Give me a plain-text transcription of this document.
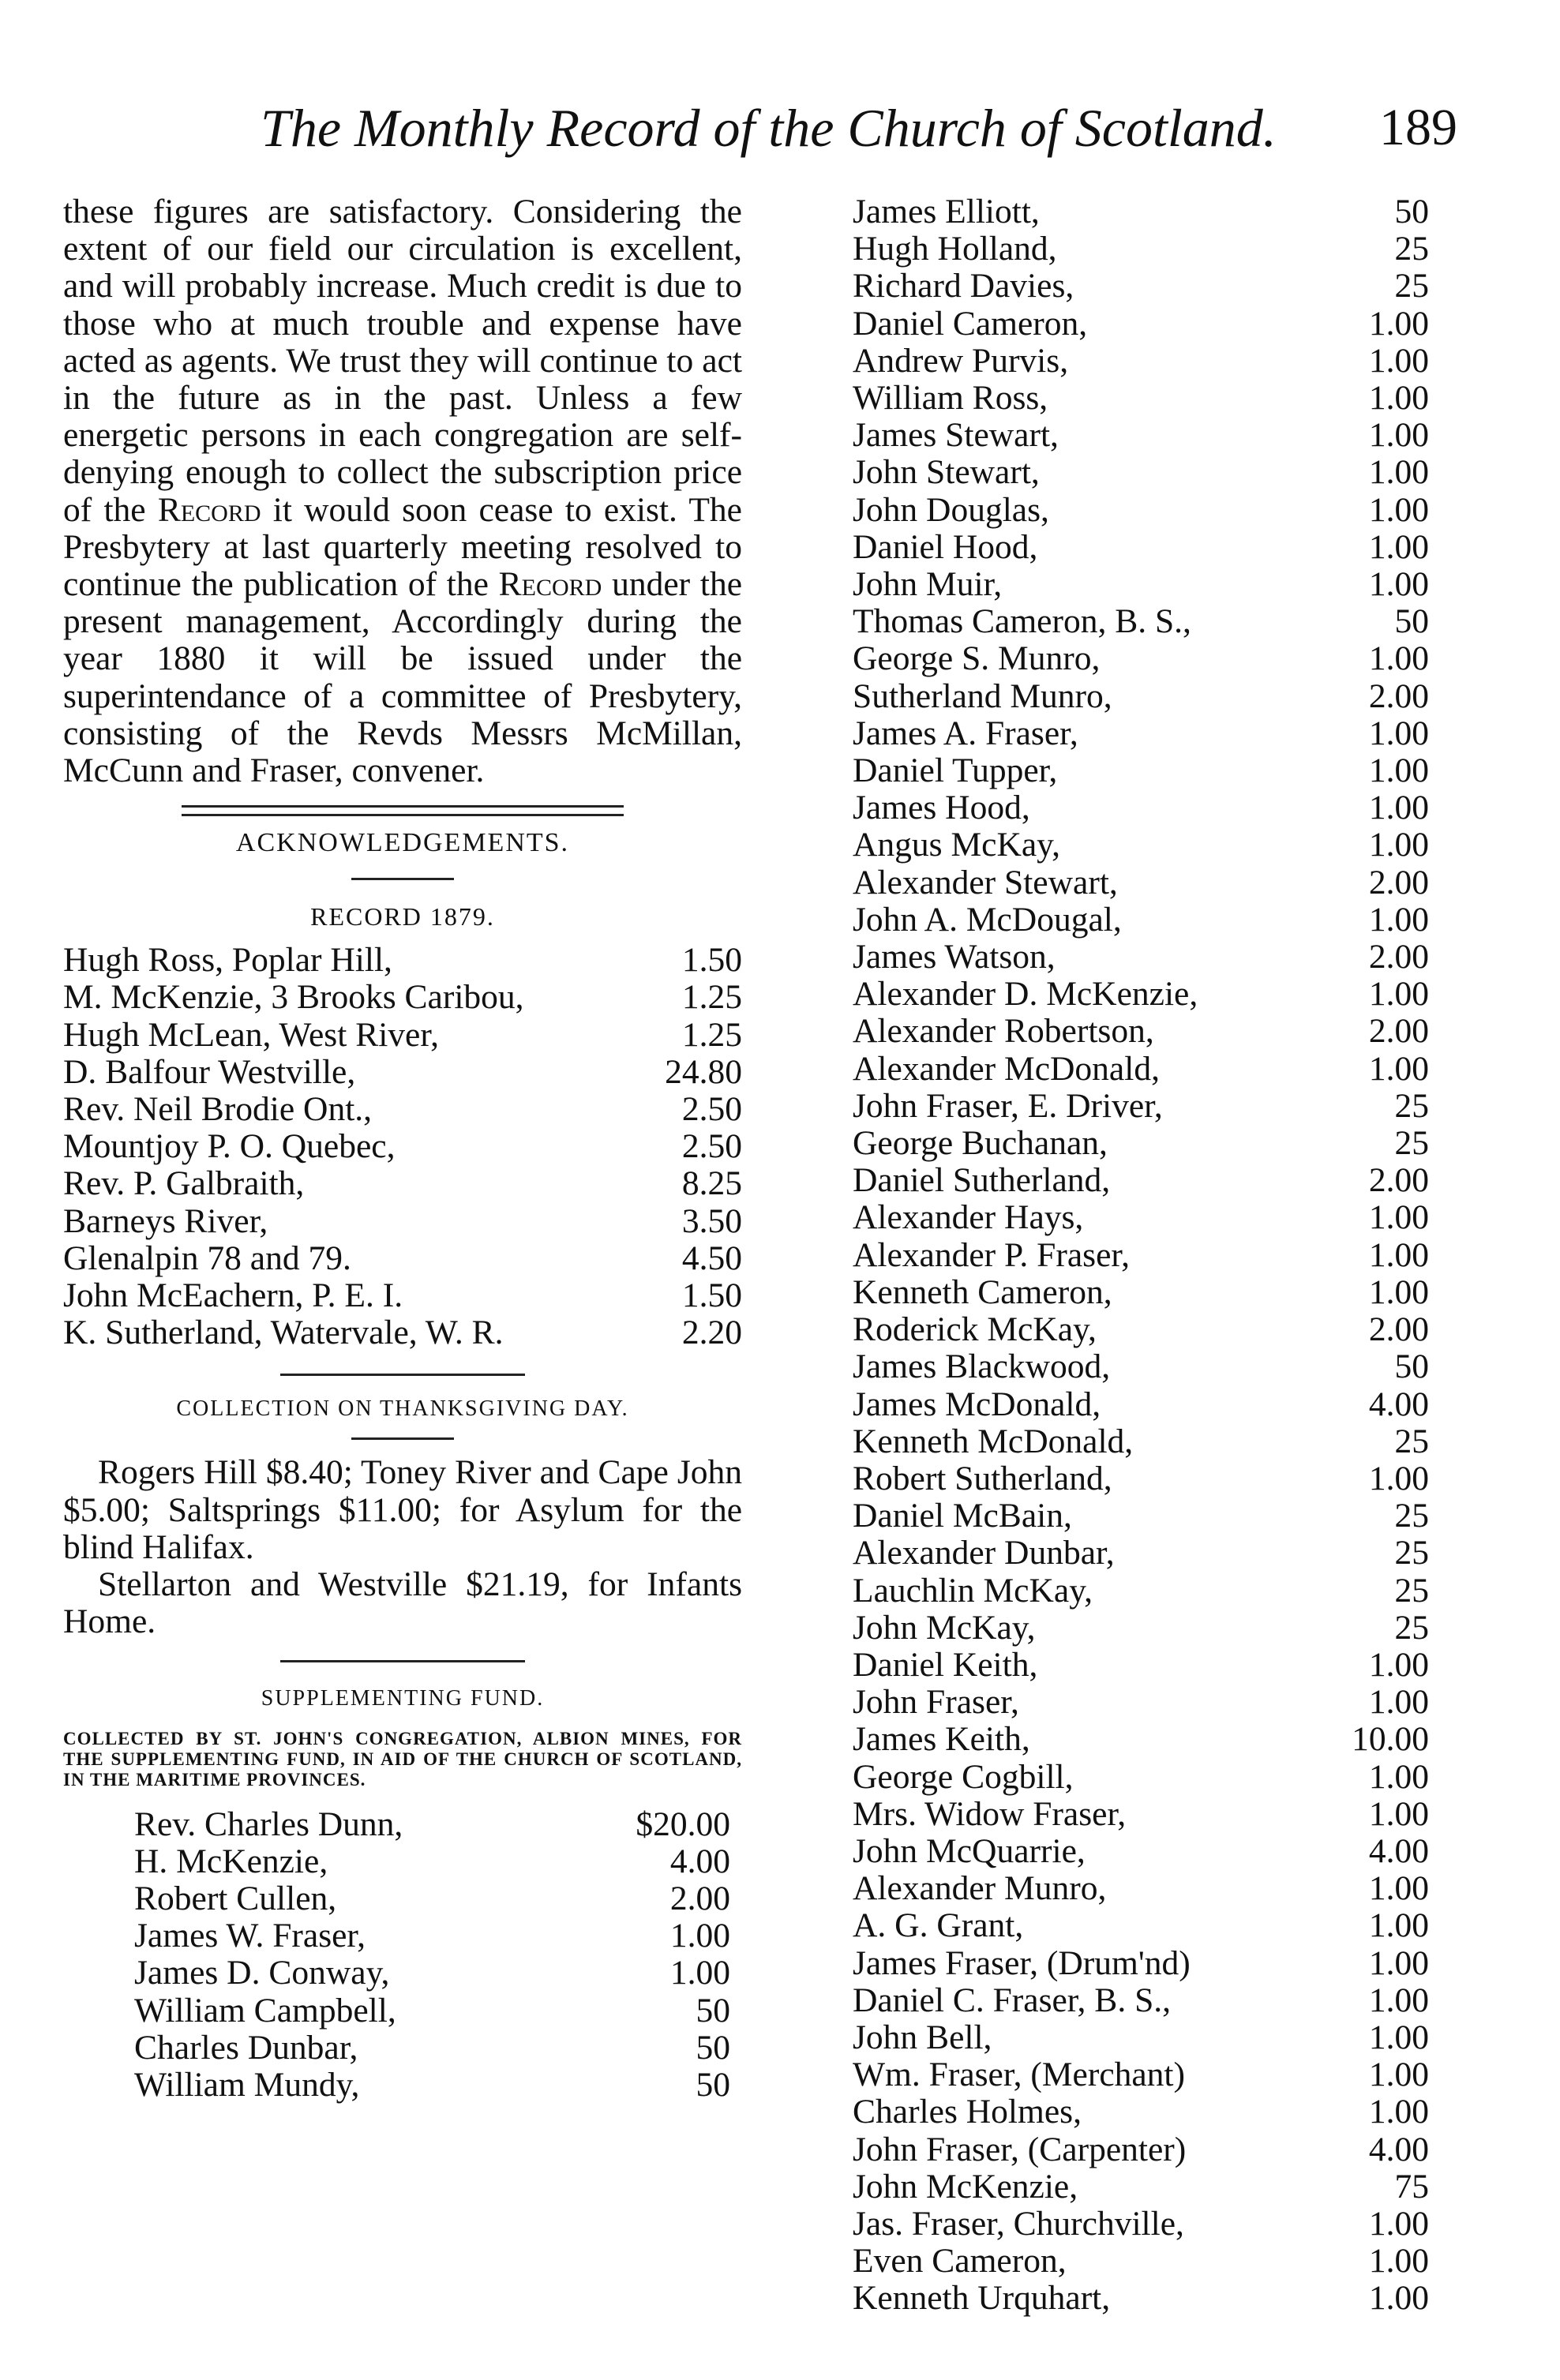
The Monthly Record of the Church of Scotland. 189

these figures are satisfactory. Considering the extent of our field our circulation is excellent, and will probably increase. Much credit is due to those who at much trouble and expense have acted as agents. We trust they will continue to act in the future as in the past. Unless a few energetic persons in each congregation are self-denying enough to collect the subscription price of the Record it would soon cease to exist. The Presbytery at last quarterly meeting resolved to continue the publication of the Record under the present management, Accordingly during the year 1880 it will be issued under the superintendance of a committee of Presbytery, consisting of the Revds Messrs McMillan, McCunn and Fraser, convener.

ACKNOWLEDGEMENTS.
RECORD 1879.
Hugh Ross, Poplar Hill,	1.50
M. McKenzie, 3 Brooks Caribou,	1.25
Hugh McLean, West River,	1.25
D. Balfour Westville,	24.80
Rev. Neil Brodie Ont.,	2.50
Mountjoy P. O. Quebec,	2.50
Rev. P. Galbraith,	8.25
Barneys River,	3.50
Glenalpin 78 and 79.	4.50
John McEachern, P. E. I.	1.50
K. Sutherland, Watervale, W. R.	2.20
COLLECTION ON THANKSGIVING DAY.

Rogers Hill $8.40; Toney River and Cape John $5.00; Saltsprings $11.00; for Asylum for the blind Halifax.

Stellarton and Westville $21.19, for Infants Home.

SUPPLEMENTING FUND.

COLLECTED BY ST. JOHN'S CONGREGATION, ALBION MINES, FOR THE SUPPLEMENTING FUND, IN AID OF THE CHURCH OF SCOTLAND, IN THE MARITIME PROVINCES.

Rev. Charles Dunn,	$20.00
H. McKenzie,	4.00
Robert Cullen,	2.00
James W. Fraser,	1.00
James D. Conway,	1.00
William Campbell,	50
Charles Dunbar,	50
William Mundy,	50
James Elliott,	50
Hugh Holland,	25
Richard Davies,	25
Daniel Cameron,	1.00
Andrew Purvis,	1.00
William Ross,	1.00
James Stewart,	1.00
John Stewart,	1.00
John Douglas,	1.00
Daniel Hood,	1.00
John Muir,	1.00
Thomas Cameron, B. S.,	50
George S. Munro,	1.00
Sutherland Munro,	2.00
James A. Fraser,	1.00
Daniel Tupper,	1.00
James Hood,	1.00
Angus McKay,	1.00
Alexander Stewart,	2.00
John A. McDougal,	1.00
James Watson,	2.00
Alexander D. McKenzie,	1.00
Alexander Robertson,	2.00
Alexander McDonald,	1.00
John Fraser, E. Driver,	25
George Buchanan,	25
Daniel Sutherland,	2.00
Alexander Hays,	1.00
Alexander P. Fraser,	1.00
Kenneth Cameron,	1.00
Roderick McKay,	2.00
James Blackwood,	50
James McDonald,	4.00
Kenneth McDonald,	25
Robert Sutherland,	1.00
Daniel McBain,	25
Alexander Dunbar,	25
Lauchlin McKay,	25
John McKay,	25
Daniel Keith,	1.00
John Fraser,	1.00
James Keith,	10.00
George Cogbill,	1.00
Mrs. Widow Fraser,	1.00
John McQuarrie,	4.00
Alexander Munro,	1.00
A. G. Grant,	1.00
James Fraser, (Drum'nd)	1.00
Daniel C. Fraser, B. S.,	1.00
John Bell,	1.00
Wm. Fraser, (Merchant)	1.00
Charles Holmes,	1.00
John Fraser, (Carpenter)	4.00
John McKenzie,	75
Jas. Fraser, Churchville,	1.00
Even Cameron,	1.00
Kenneth Urquhart,	1.00
